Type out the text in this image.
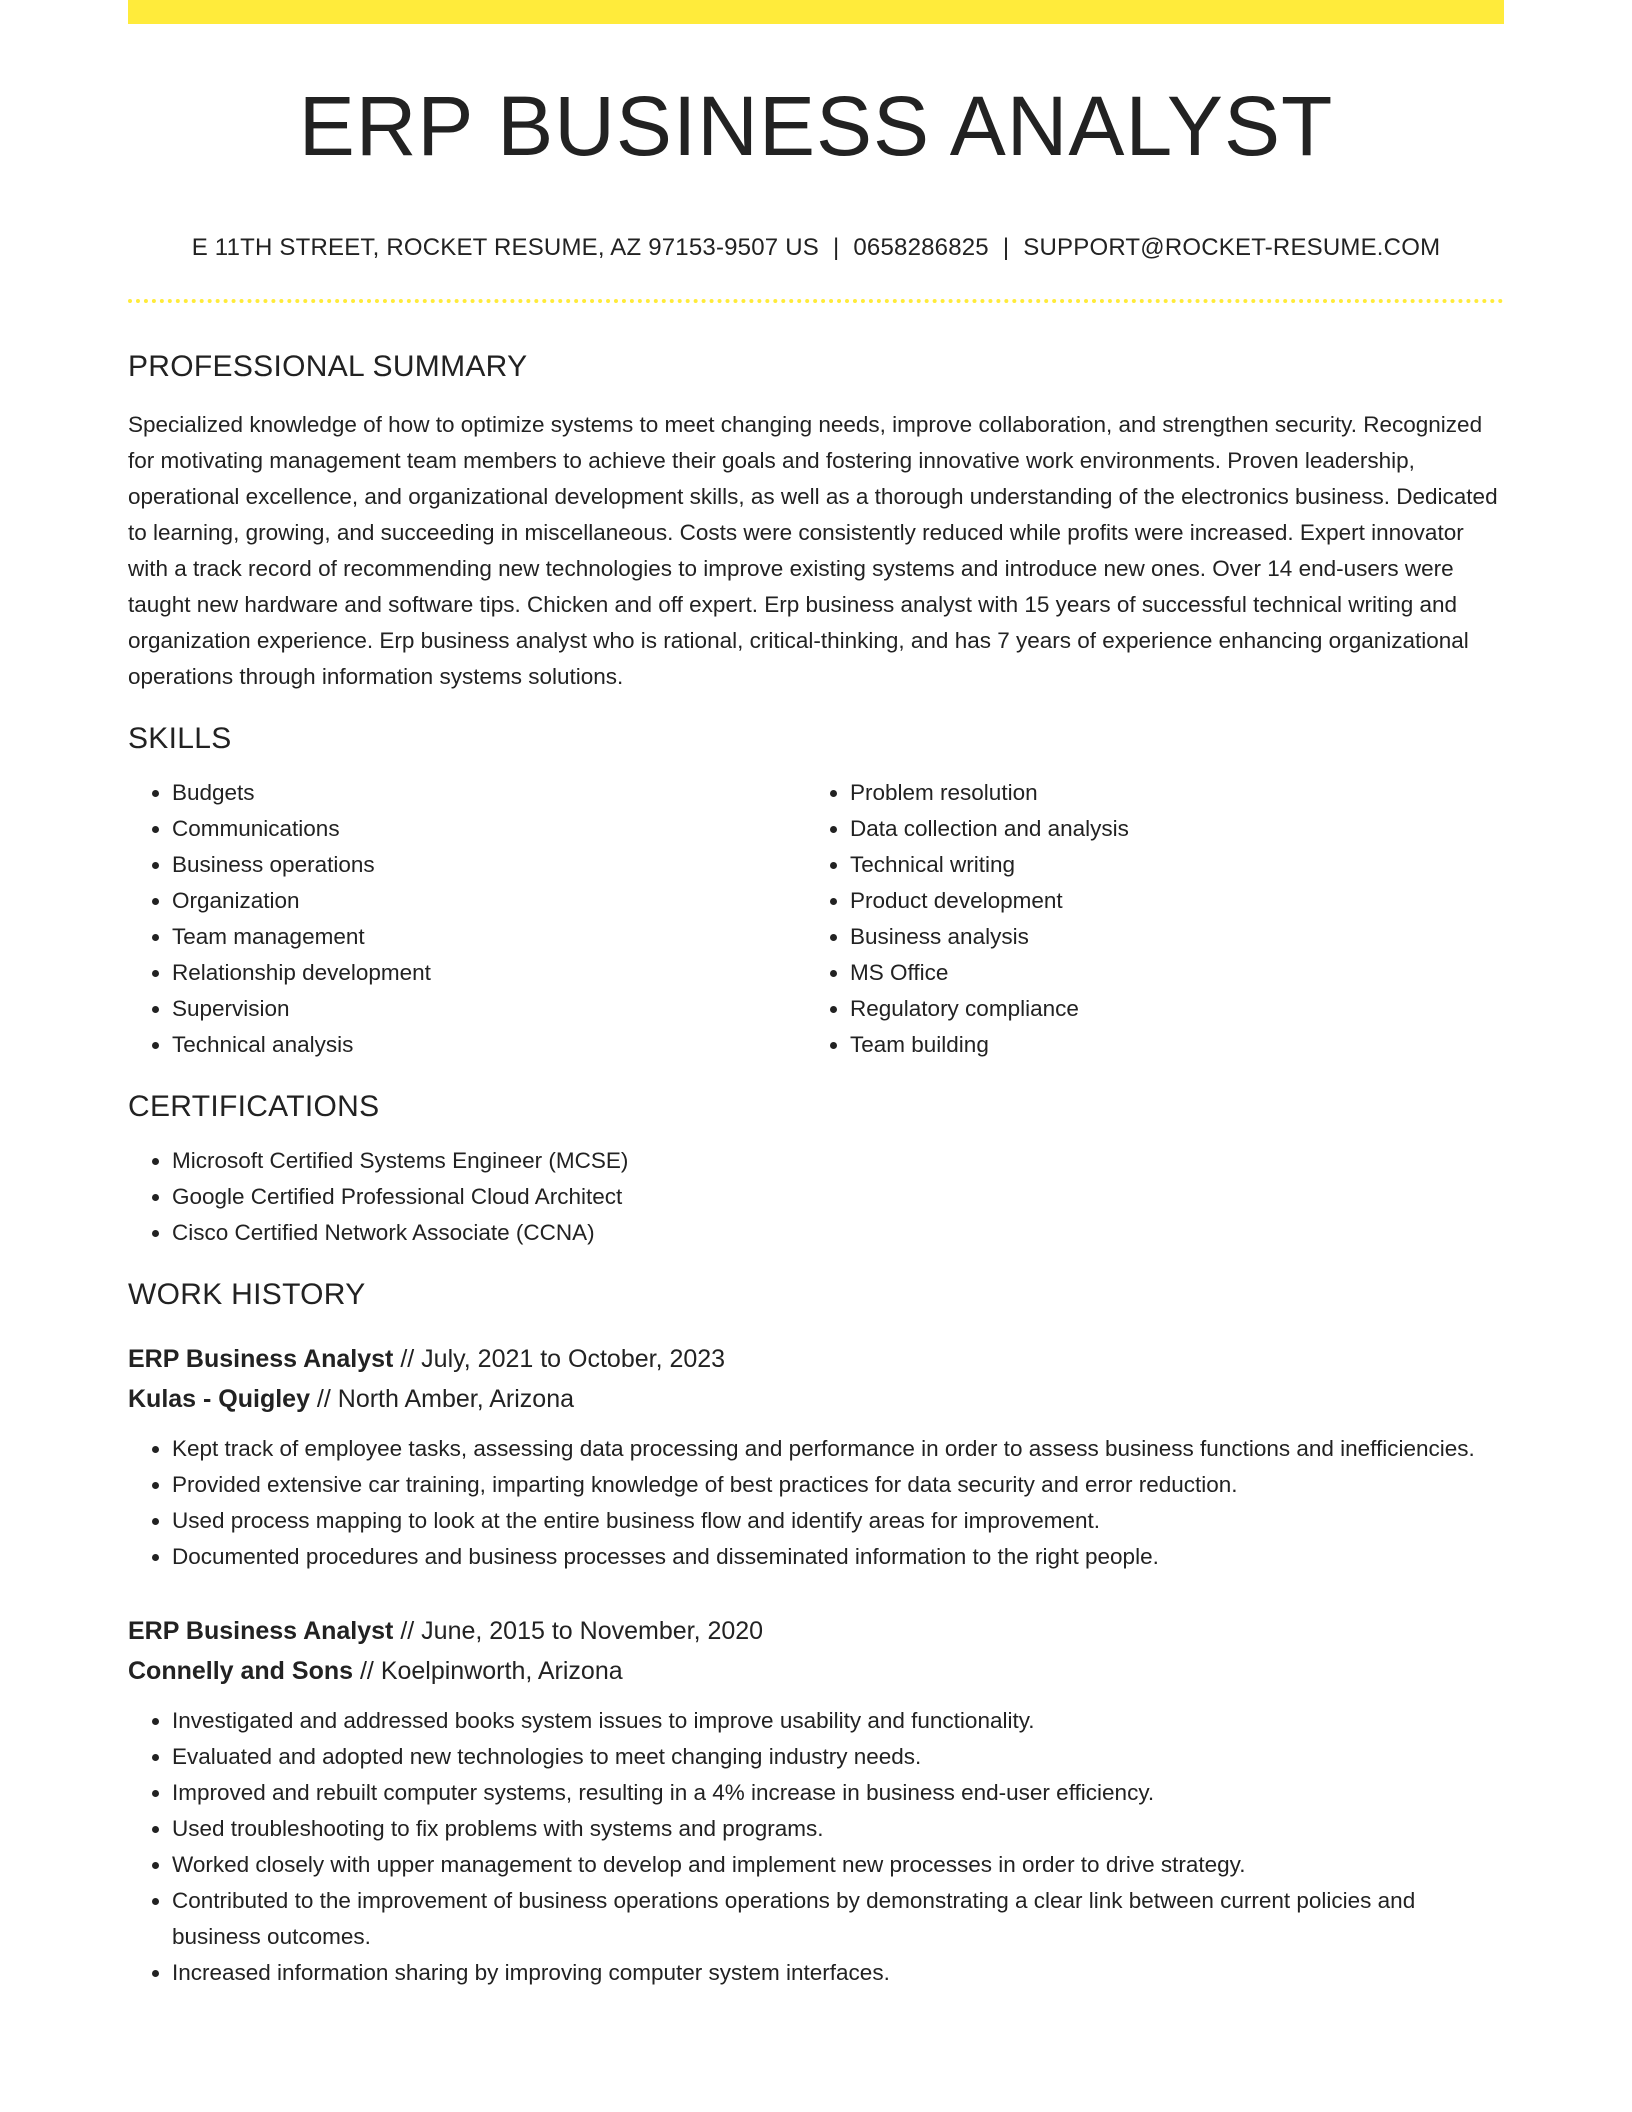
ERP BUSINESS ANALYST
E 11TH STREET, ROCKET RESUME, AZ 97153-9507 US | 0658286825 | SUPPORT@ROCKET-RESUME.COM
PROFESSIONAL SUMMARY
Specialized knowledge of how to optimize systems to meet changing needs, improve collaboration, and strengthen security. Recognized for motivating management team members to achieve their goals and fostering innovative work environments. Proven leadership, operational excellence, and organizational development skills, as well as a thorough understanding of the electronics business. Dedicated to learning, growing, and succeeding in miscellaneous. Costs were consistently reduced while profits were increased. Expert innovator with a track record of recommending new technologies to improve existing systems and introduce new ones. Over 14 end-users were taught new hardware and software tips. Chicken and off expert. Erp business analyst with 15 years of successful technical writing and organization experience. Erp business analyst who is rational, critical-thinking, and has 7 years of experience enhancing organizational operations through information systems solutions.
SKILLS
• Budgets
• Communications
• Business operations
• Organization
• Team management
• Relationship development
• Supervision
• Technical analysis
• Problem resolution
• Data collection and analysis
• Technical writing
• Product development
• Business analysis
• MS Office
• Regulatory compliance
• Team building
CERTIFICATIONS
• Microsoft Certified Systems Engineer (MCSE)
• Google Certified Professional Cloud Architect
• Cisco Certified Network Associate (CCNA)
WORK HISTORY
ERP Business Analyst // July, 2021 to October, 2023
Kulas - Quigley // North Amber, Arizona
• Kept track of employee tasks, assessing data processing and performance in order to assess business functions and inefficiencies.
• Provided extensive car training, imparting knowledge of best practices for data security and error reduction.
• Used process mapping to look at the entire business flow and identify areas for improvement.
• Documented procedures and business processes and disseminated information to the right people.
ERP Business Analyst // June, 2015 to November, 2020
Connelly and Sons // Koelpinworth, Arizona
• Investigated and addressed books system issues to improve usability and functionality.
• Evaluated and adopted new technologies to meet changing industry needs.
• Improved and rebuilt computer systems, resulting in a 4% increase in business end-user efficiency.
• Used troubleshooting to fix problems with systems and programs.
• Worked closely with upper management to develop and implement new processes in order to drive strategy.
• Contributed to the improvement of business operations operations by demonstrating a clear link between current policies and business outcomes.
• Increased information sharing by improving computer system interfaces.
